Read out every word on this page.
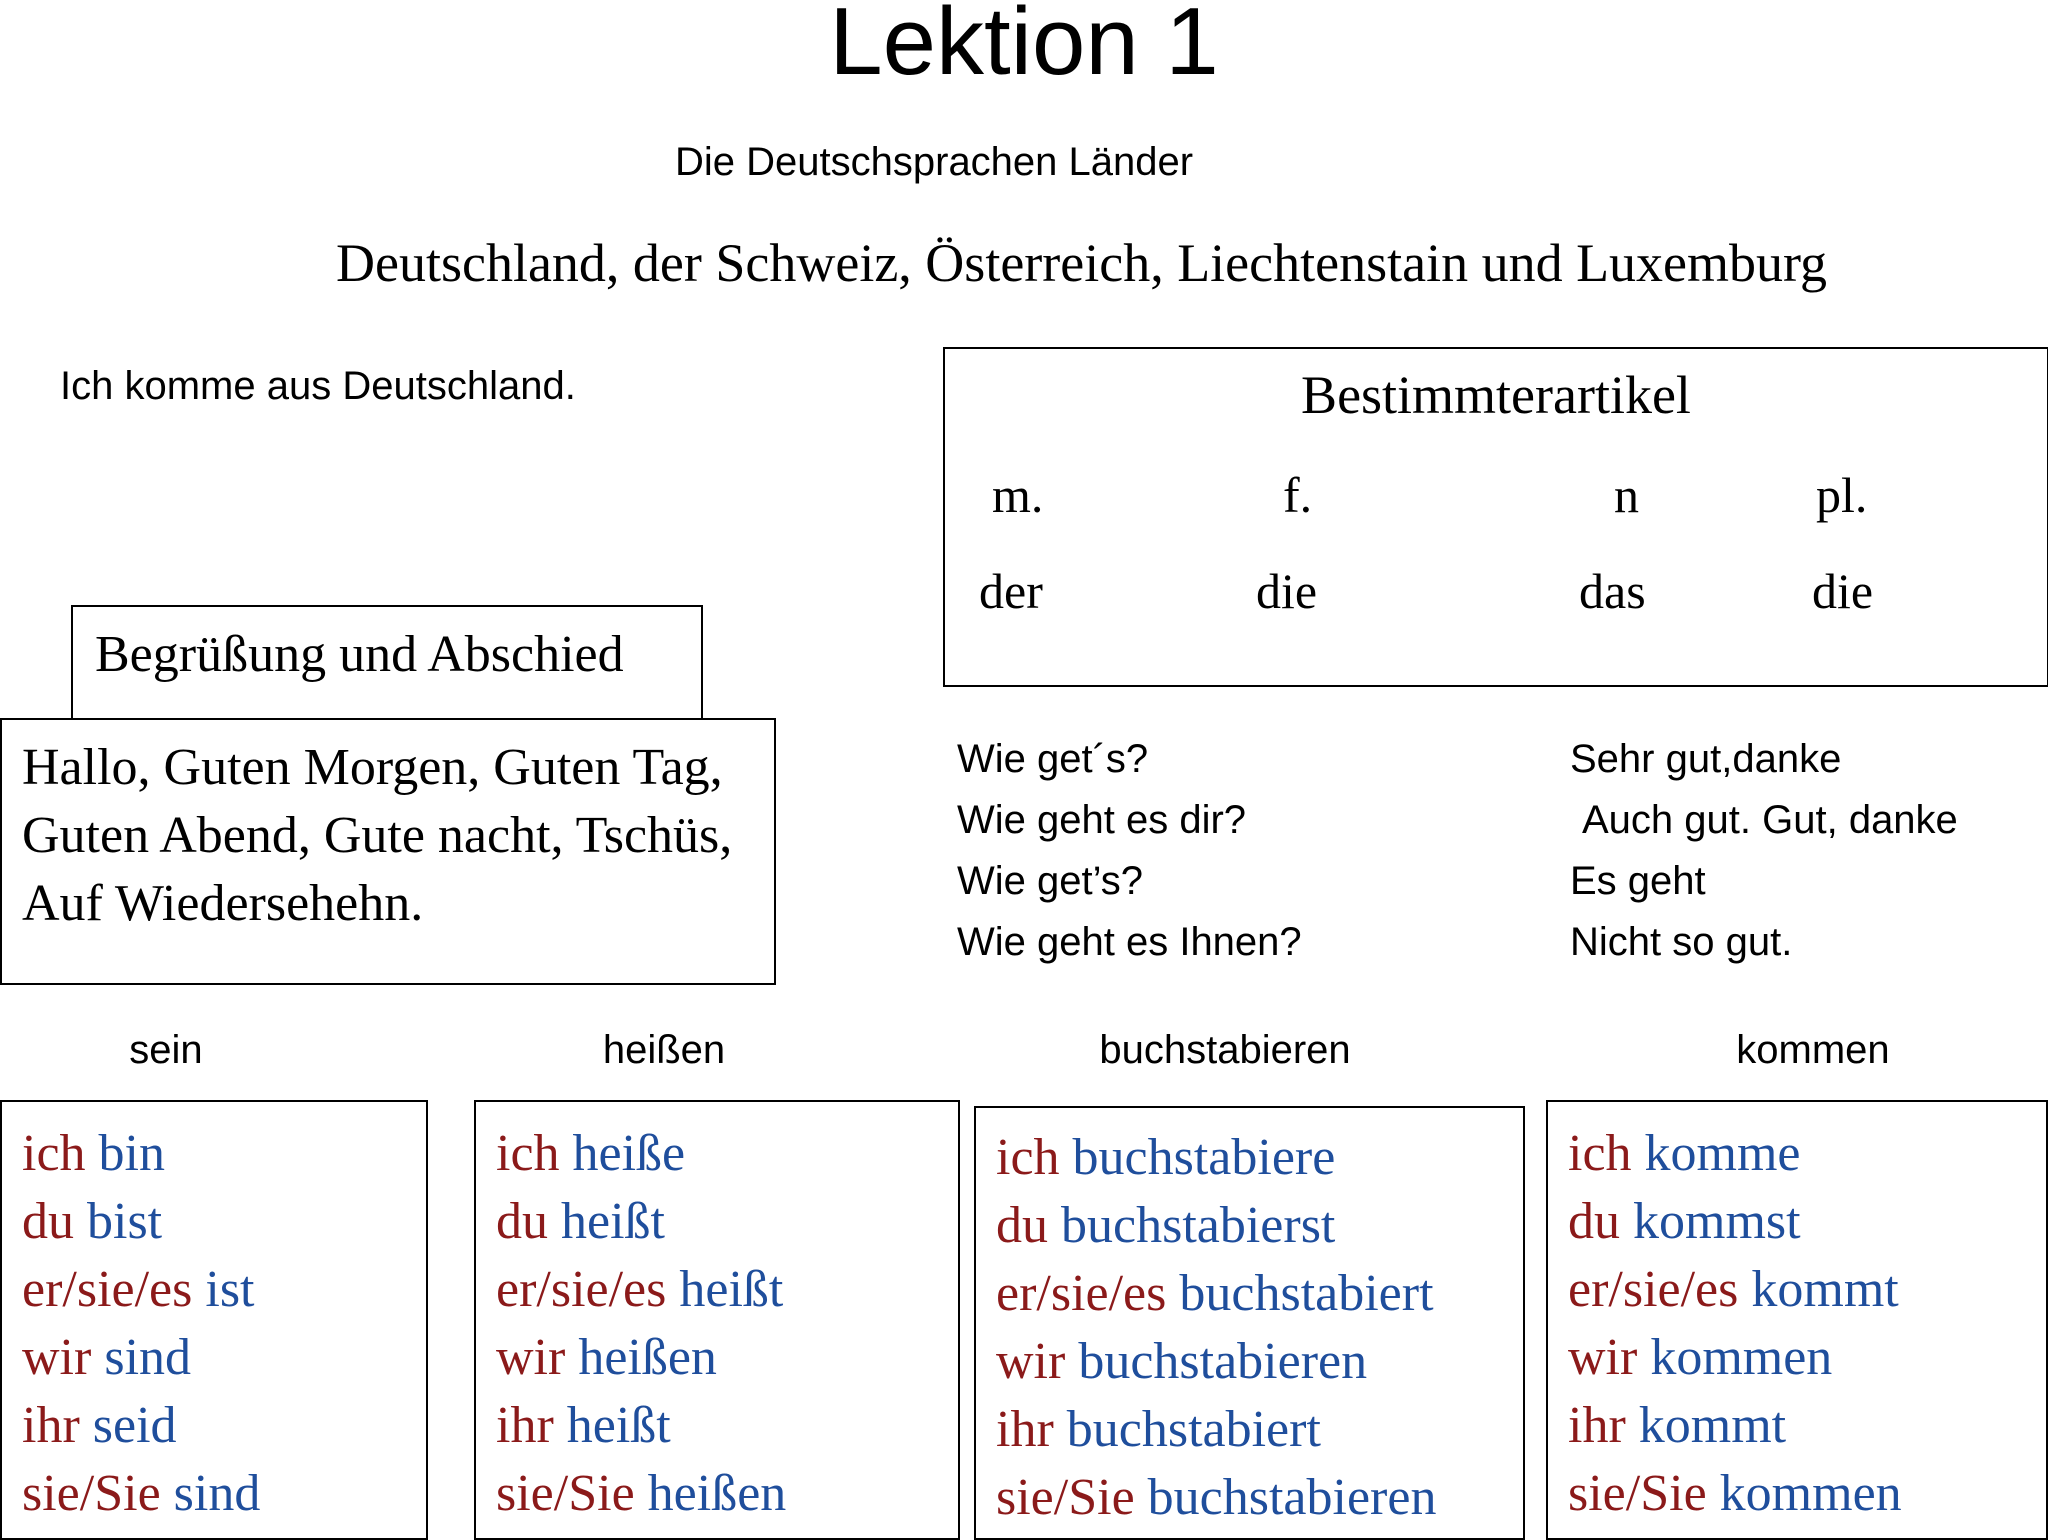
Lektion 1
Die Deutschsprachen Länder
Deutschland, der Schweiz, Österreich, Liechtenstain und Luxemburg
Ich komme aus Deutschland.	Bestimmterartikel
m.	f.	n	pl.
der	die	das	die
Begrüßung und Abschied
Hallo, Guten Morgen, Guten Tag, Guten Abend, Gute nacht, Tschüs, Auf Wiedersehehn.
Wie get´s?
Wie geht es dir?
Wie get’s?
Wie geht es Ihnen?
Sehr gut,danke
Auch gut. Gut, danke
Es geht
Nicht so gut.
sein	heißen	buchstabieren	kommen
ich bin
du bist
er/sie/es ist
wir sind
ihr seid
sie/Sie sind
ich heiße
du heißt
er/sie/es heißt
wir heißen
ihr heißt
sie/Sie heißen
ich buchstabiere
du buchstabierst
er/sie/es buchstabiert
wir buchstabieren
ihr buchstabiert
sie/Sie buchstabieren
ich komme
du kommst
er/sie/es kommt
wir kommen
ihr kommt
sie/Sie kommen
